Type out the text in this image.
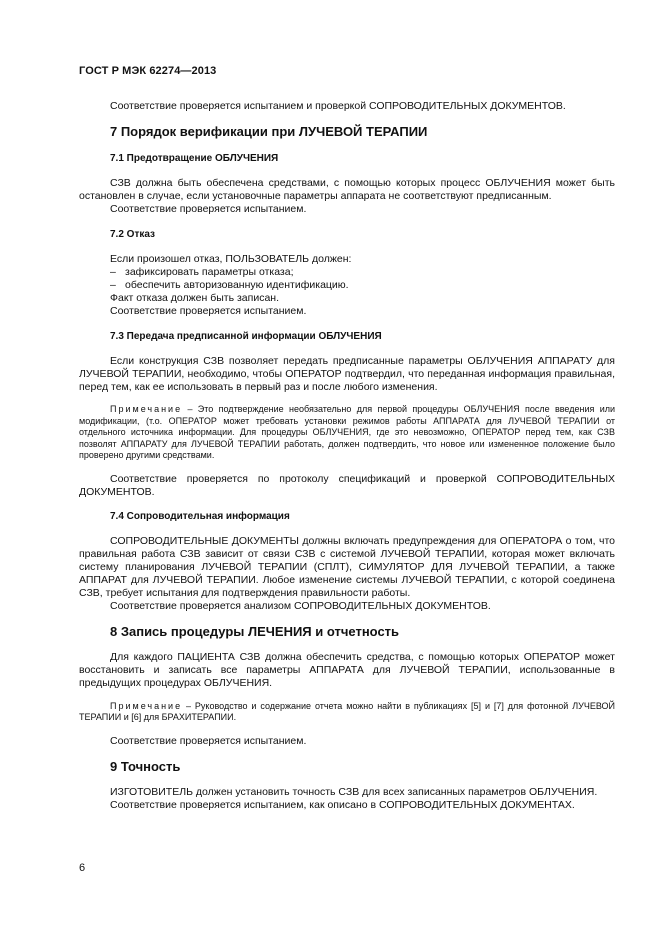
ГОСТ Р МЭК 62274—2013

Соответствие проверяется испытанием и проверкой СОПРОВОДИТЕЛЬНЫХ ДОКУМЕНТОВ.

7 Порядок верификации при ЛУЧЕВОЙ ТЕРАПИИ
7.1 Предотвращение ОБЛУЧЕНИЯ

СЗВ должна быть обеспечена средствами, с помощью которых процесс ОБЛУЧЕНИЯ может быть остановлен в случае, если установочные параметры аппарата не соответствуют предписанным.

Соответствие проверяется испытанием.

7.2 Отказ

Если произошел отказ, ПОЛЬЗОВАТЕЛЬ должен:

– зафиксировать параметры отказа;

– обеспечить авторизованную идентификацию.

Факт отказа должен быть записан.

Соответствие проверяется испытанием.

7.3 Передача предписанной информации ОБЛУЧЕНИЯ

Если конструкция СЗВ позволяет передать предписанные параметры ОБЛУЧЕНИЯ АППАРАТУ для ЛУЧЕВОЙ ТЕРАПИИ, необходимо, чтобы ОПЕРАТОР подтвердил, что переданная информация правильная, перед тем, как ее использовать в первый раз и после любого изменения.

Примечание – Это подтверждение необязательно для первой процедуры ОБЛУЧЕНИЯ после введения или модификации, (т.о. ОПЕРАТОР может требовать установки режимов работы АППАРАТА для ЛУЧЕВОЙ ТЕРАПИИ от отдельного источника информации. Для процедуры ОБЛУЧЕНИЯ, где это невозможно, ОПЕРАТОР перед тем, как СЗВ позволят АППАРАТУ для ЛУЧЕВОЙ ТЕРАПИИ работать, должен подтвердить, что новое или измененное положение было проверено другими средствами.

Соответствие проверяется по протоколу спецификаций и проверкой СОПРОВОДИТЕЛЬНЫХ ДОКУМЕНТОВ.

7.4 Сопроводительная информация

СОПРОВОДИТЕЛЬНЫЕ ДОКУМЕНТЫ должны включать предупреждения для ОПЕРАТОРА о том, что правильная работа СЗВ зависит от связи СЗВ с системой ЛУЧЕВОЙ ТЕРАПИИ, которая может включать систему планирования ЛУЧЕВОЙ ТЕРАПИИ (СПЛТ), СИМУЛЯТОР ДЛЯ ЛУЧЕВОЙ ТЕРАПИИ, а также АППАРАТ для ЛУЧЕВОЙ ТЕРАПИИ. Любое изменение системы ЛУЧЕВОЙ ТЕРАПИИ, с которой соединена СЗВ, требует испытания для подтверждения правильности работы.

Соответствие проверяется анализом СОПРОВОДИТЕЛЬНЫХ ДОКУМЕНТОВ.

8 Запись процедуры ЛЕЧЕНИЯ и отчетность

Для каждого ПАЦИЕНТА СЗВ должна обеспечить средства, с помощью которых ОПЕРАТОР может восстановить и записать все параметры АППАРАТА для ЛУЧЕВОЙ ТЕРАПИИ, использованные в предыдущих процедурах ОБЛУЧЕНИЯ.

Примечание – Руководство и содержание отчета можно найти в публикациях [5] и [7] для фотонной ЛУЧЕВОЙ ТЕРАПИИ и [6] для БРАХИТЕРАПИИ.

Соответствие проверяется испытанием.

9 Точность

ИЗГОТОВИТЕЛЬ должен установить точность СЗВ для всех записанных параметров ОБЛУЧЕНИЯ.

Соответствие проверяется испытанием, как описано в СОПРОВОДИТЕЛЬНЫХ ДОКУМЕНТАХ.

6
